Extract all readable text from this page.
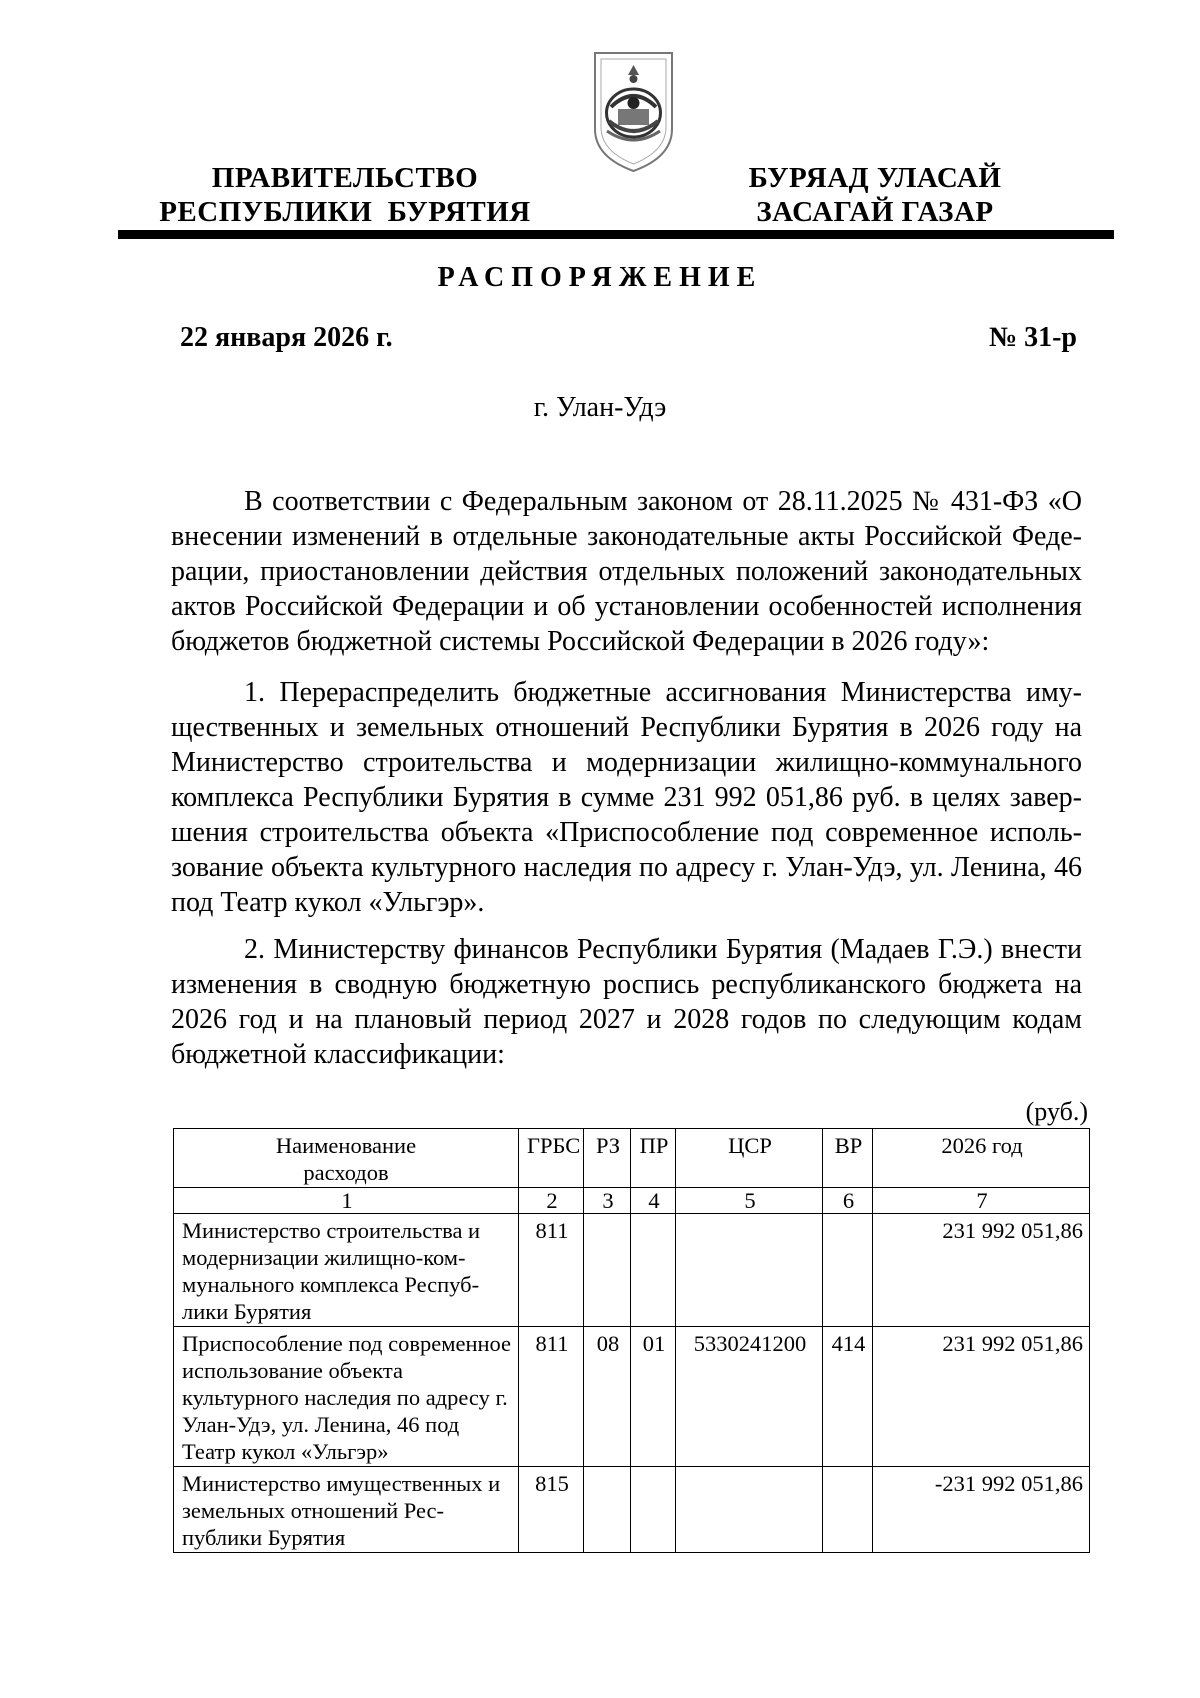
ПРАВИТЕЛЬСТВО
РЕСПУБЛИКИ  БУРЯТИЯ
БУРЯАД УЛАСАЙ
ЗАСАГАЙ ГАЗАР
РАСПОРЯЖЕНИЕ
22 января 2026 г.	№ 31-р
г. Улан-Удэ

В соответствии с Федеральным законом от 28.11.2025 № 431-ФЗ «О внесении изменений в отдельные законодательные акты Российской Федерации, приостановлении действия отдельных положений законодательных актов Российской Федерации и об установлении особенностей исполнения бюджетов бюджетной системы Российской Федерации в 2026 году»:

1. Перераспределить бюджетные ассигнования Министерства имущественных и земельных отношений Республики Бурятия в 2026 году на Министерство строительства и модернизации жилищно-коммунального комплекса Республики Бурятия в сумме 231 992 051,86 руб. в целях завершения строительства объекта «Приспособление под современное использование объекта культурного наследия по адресу г. Улан-Удэ, ул. Ленина, 46 под Театр кукол «Ульгэр».

2. Министерству финансов Республики Бурятия (Мадаев Г.Э.) внести изменения в сводную бюджетную роспись республиканского бюджета на 2026 год и на плановый период 2027 и 2028 годов по следующим кодам бюджетной классификации:

(руб.)
Наименование расходов	ГРБС	РЗ	ПР	ЦСР	ВР	2026 год
1	2	3	4	5	6	7
Министерство строительства и модернизации жилищно-коммунального комплекса Республики Бурятия	811					231 992 051,86
Приспособление под современное использование объекта культурного наследия по адресу г. Улан-Удэ, ул. Ленина, 46 под Театр кукол «Ульгэр»	811	08	01	5330241200	414	231 992 051,86
Министерство имущественных и земельных отношений Республики Бурятия	815					-231 992 051,86
